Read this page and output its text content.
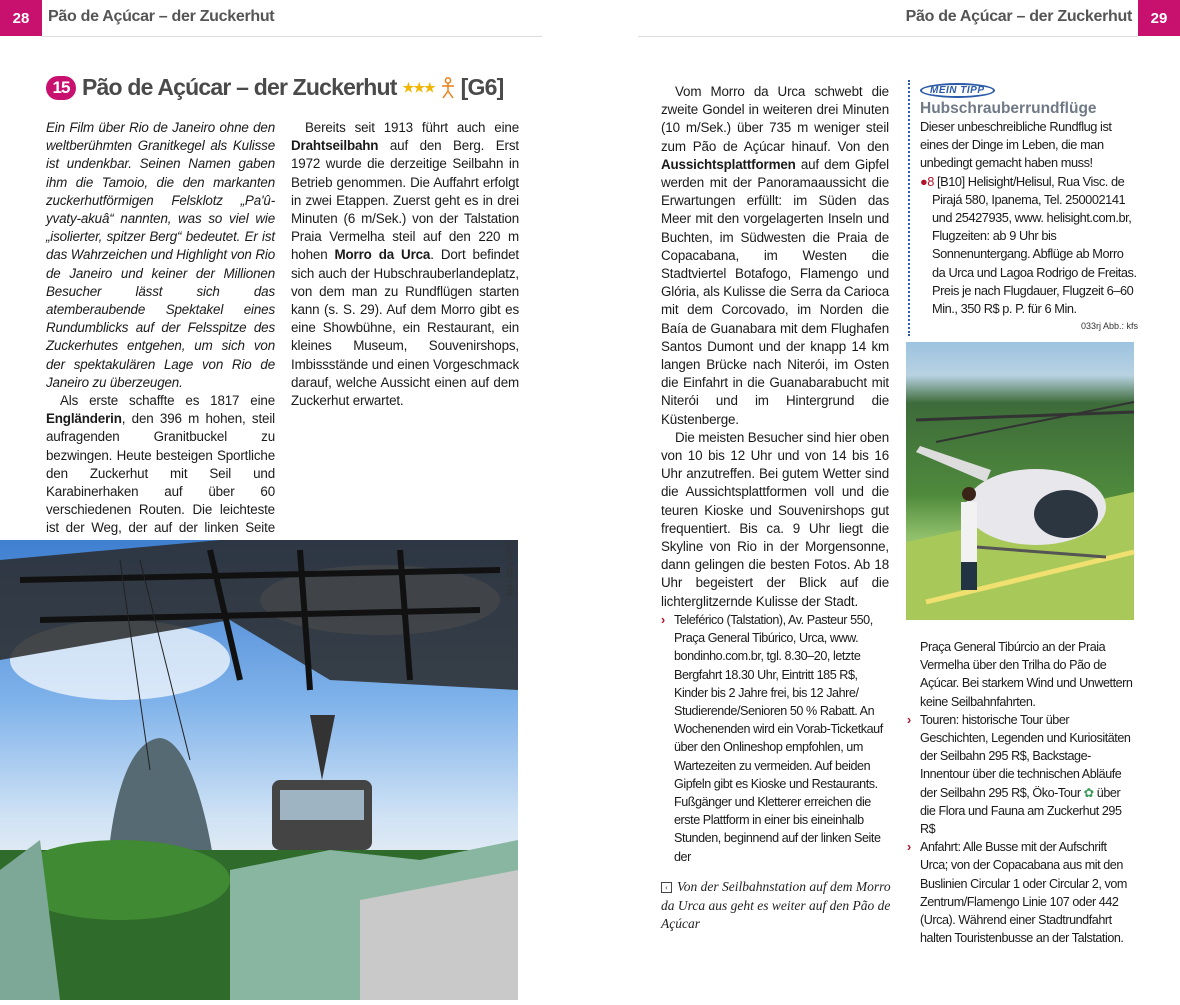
28	Pão de Açúcar – der Zuckerhut	Pão de Açúcar – der Zuckerhut	29
15 Pão de Açúcar – der Zuckerhut ★★★ [G6]

Ein Film über Rio de Janeiro ohne den weltberühmten Granitkegel als Kulisse ist undenkbar. Seinen Namen gaben ihm die Tamoio, die den markanten zuckerhutförmigen Felsklotz „Pa'û-yvaty-akuâ“ nannten, was so viel wie „isolierter, spitzer Berg“ bedeutet. Er ist das Wahrzeichen und Highlight von Rio de Janeiro und keiner der Millionen Besucher lässt sich das atemberaubende Spektakel eines Rundumblicks auf der Felsspitze des Zuckerhutes entgehen, um sich von der spektakulären Lage von Rio de Janeiro zu überzeugen.

Als erste schaffte es 1817 eine Engländerin, den 396 m hohen, steil aufragenden Granitbuckel zu bezwingen. Heute besteigen Sportliche den Zuckerhut mit Seil und Karabinerhaken auf über 60 verschiedenen Routen. Die leichteste ist der Weg, der auf der linken Seite

Bereits seit 1913 führt auch eine Drahtseilbahn auf den Berg. Erst 1972 wurde die derzeitige Seilbahn in Betrieb genommen. Die Auffahrt erfolgt in zwei Etappen. Zuerst geht es in drei Minuten (6 m/Sek.) von der Talstation Praia Vermelha steil auf den 220 m hohen Morro da Urca. Dort befindet sich auch der Hubschrauberlandeplatz, von dem man zu Rundflügen starten kann (s. S. 29). Auf dem Morro gibt es eine Showbühne, ein Restaurant, ein kleines Museum, Souvenirshops, Imbissstände und einen Vorgeschmack darauf, welche Aussicht einen auf dem Zuckerhut erwartet.

113rj Abb.: cfs

Vom Morro da Urca schwebt die zweite Gondel in weiteren drei Minuten (10 m/Sek.) über 735 m weniger steil zum Pão de Açúcar hinauf. Von den Aussichtsplattformen auf dem Gipfel werden mit der Panoramaaussicht die Erwartungen erfüllt: im Süden das Meer mit den vorgelagerten Inseln und Buchten, im Südwesten die Praia de Copacabana, im Westen die Stadtviertel Botafogo, Flamengo und Glória, als Kulisse die Serra da Carioca mit dem Corcovado, im Norden die Baía de Guanabara mit dem Flughafen Santos Dumont und der knapp 14 km langen Brücke nach Niterói, im Osten die Einfahrt in die Guanabarabucht mit Niterói und im Hintergrund die Küstenberge.

Die meisten Besucher sind hier oben von 10 bis 12 Uhr und von 14 bis 16 Uhr anzutreffen. Bei gutem Wetter sind die Aussichtsplattformen voll und die teuren Kioske und Souvenirshops gut frequentiert. Bis ca. 9 Uhr liegt die Skyline von Rio in der Morgensonne, dann gelingen die besten Fotos. Ab 18 Uhr begeistert der Blick auf die lichterglitzernde Kulisse der Stadt.

› Teleférico (Talstation), Av. Pasteur 550, Praça General Tibúrico, Urca, www. bondinho.com.br, tgl. 8.30–20, letzte Bergfahrt 18.30 Uhr, Eintritt 185 R$, Kinder bis 2 Jahre frei, bis 12 Jahre/ Studierende/Senioren 50 % Rabatt. An Wochenenden wird ein Vorab-Ticketkauf über den Onlineshop empfohlen, um Wartezeiten zu vermeiden. Auf beiden Gipfeln gibt es Kioske und Restaurants. Fußgänger und Kletterer erreichen die erste Plattform in einer bis eineinhalb Stunden, beginnend auf der linken Seite der

MEIN TIPP
Hubschrauberrundflüge
Dieser unbeschreibliche Rundflug ist eines der Dinge im Leben, die man unbedingt gemacht haben muss!
●8 [B10] Helisight/Helisul, Rua Visc. de Pirajá 580, Ipanema, Tel. 250002141 und 25427935, www. helisight.com.br, Flugzeiten: ab 9 Uhr bis Sonnenuntergang. Abflüge ab Morro da Urca und Lagoa Rodrigo de Freitas. Preis je nach Flugdauer, Flugzeit 6–60 Min., 350 R$ p. P. für 6 Min.
033rj Abb.: kfs

Praça General Tibúrcio an der Praia Vermelha über den Trilha do Pão de Açúcar. Bei starkem Wind und Unwettern keine Seilbahnfahrten.

› Touren: historische Tour über Geschichten, Legenden und Kuriositäten der Seilbahn 295 R$, Backstage-Innentour über die technischen Abläufe der Seilbahn 295 R$, Öko-Tour ✿ über die Flora und Fauna am Zuckerhut 295 R$

› Anfahrt: Alle Busse mit der Aufschrift Urca; von der Copacabana aus mit den Buslinien Circular 1 oder Circular 2, vom Zentrum/Flamengo Linie 107 oder 442 (Urca). Während einer Stadtrundfahrt halten Touristenbusse an der Talstation.

‹ Von der Seilbahnstation auf dem Morro da Urca aus geht es weiter auf den Pão de Açúcar
